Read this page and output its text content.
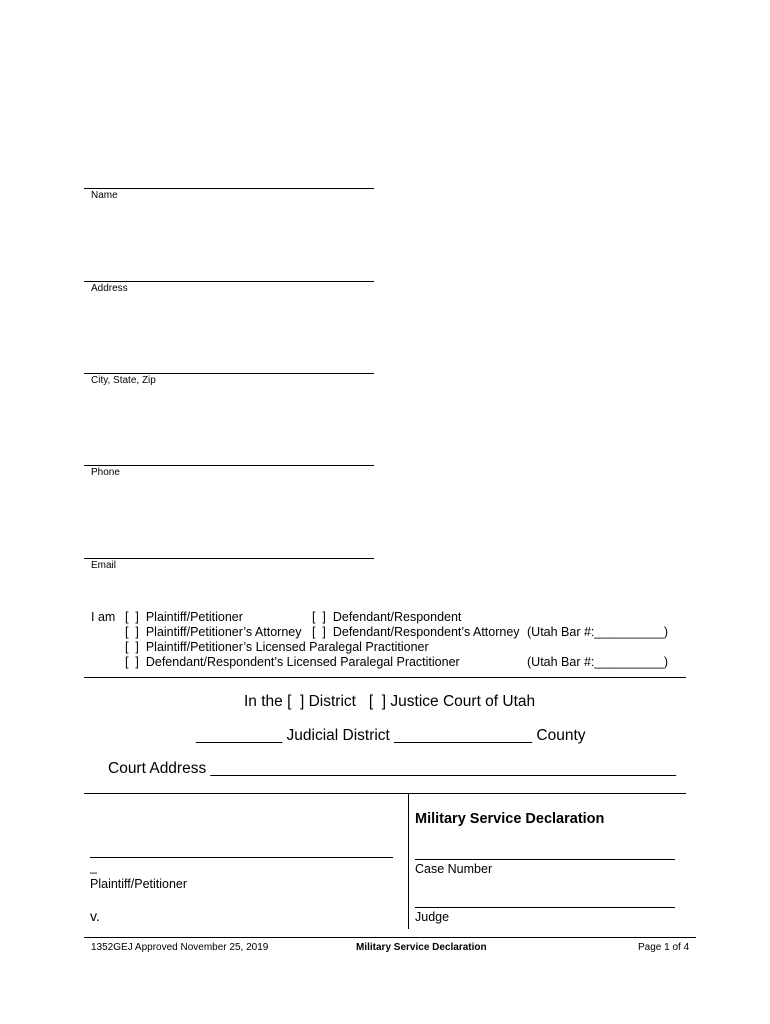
Name
Address
City, State, Zip
Phone
Email
I am [  ]  Plaintiff/Petitioner	[  ]  Defendant/Respondent
[  ]  Plaintiff/Petitioner’s Attorney [  ]  Defendant/Respondent’s Attorney (Utah Bar #:__________)
[  ]  Plaintiff/Petitioner’s Licensed Paralegal Practitioner
[  ]  Defendant/Respondent’s Licensed Paralegal Practitioner	(Utah Bar #:__________)
In the [  ] District   [  ] Justice Court of Utah
__________ Judicial District ________________ County
Court Address ______________________________________________________
Military Service Declaration
_
Plaintiff/Petitioner
v.
Case Number
Judge
1352GEJ Approved November 25, 2019	Military Service Declaration	Page 1 of 4
